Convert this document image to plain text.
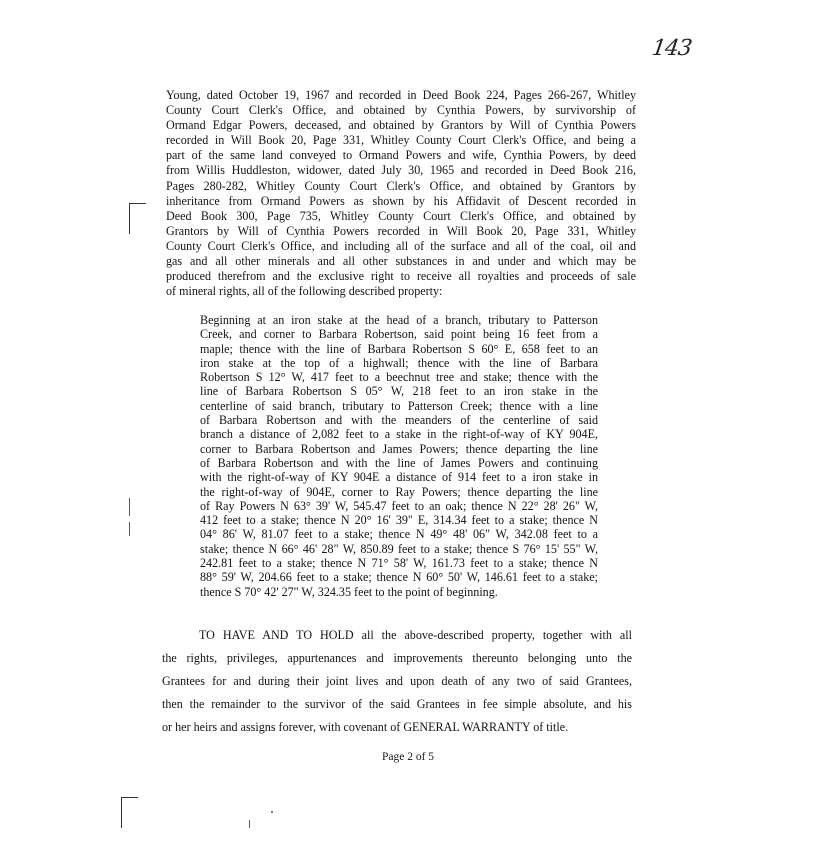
143
Young, dated October 19, 1967 and recorded in Deed Book 224, Pages 266-267, Whitley
County Court Clerk's Office, and obtained by Cynthia Powers, by survivorship of
Ormand Edgar Powers, deceased, and obtained by Grantors by Will of Cynthia Powers
recorded in Will Book 20, Page 331, Whitley County Court Clerk's Office, and being a
part of the same land conveyed to Ormand Powers and wife, Cynthia Powers, by deed
from Willis Huddleston, widower, dated July 30, 1965 and recorded in Deed Book 216,
Pages 280-282, Whitley County Court Clerk's Office, and obtained by Grantors by
inheritance from Ormand Powers as shown by his Affidavit of Descent recorded in
Deed Book 300, Page 735, Whitley County Court Clerk's Office, and obtained by
Grantors by Will of Cynthia Powers recorded in Will Book 20, Page 331, Whitley
County Court Clerk's Office, and including all of the surface and all of the coal, oil and
gas and all other minerals and all other substances in and under and which may be
produced therefrom and the exclusive right to receive all royalties and proceeds of sale
of mineral rights, all of the following described property:
Beginning at an iron stake at the head of a branch, tributary to Patterson
Creek, and corner to Barbara Robertson, said point being 16 feet from a
maple; thence with the line of Barbara Robertson S 60° E, 658 feet to an
iron stake at the top of a highwall; thence with the line of Barbara
Robertson S 12° W, 417 feet to a beechnut tree and stake; thence with the
line of Barbara Robertson S 05° W, 218 feet to an iron stake in the
centerline of said branch, tributary to Patterson Creek; thence with a line
of Barbara Robertson and with the meanders of the centerline of said
branch a distance of 2,082 feet to a stake in the right-of-way of KY 904E,
corner to Barbara Robertson and James Powers; thence departing the line
of Barbara Robertson and with the line of James Powers and continuing
with the right-of-way of KY 904E a distance of 914 feet to a iron stake in
the right-of-way of 904E, corner to Ray Powers; thence departing the line
of Ray Powers N 63° 39' W, 545.47 feet to an oak; thence N 22° 28' 26" W,
412 feet to a stake; thence N 20° 16' 39" E, 314.34 feet to a stake; thence N
04° 86' W, 81.07 feet to a stake; thence N 49° 48' 06" W, 342.08 feet to a
stake; thence N 66° 46' 28" W, 850.89 feet to a stake; thence S 76° 15' 55" W,
242.81 feet to a stake; thence N 71° 58' W, 161.73 feet to a stake; thence N
88° 59' W, 204.66 feet to a stake; thence N 60° 50' W, 146.61 feet to a stake;
thence S 70° 42' 27" W, 324.35 feet to the point of beginning.
TO HAVE AND TO HOLD all the above-described property, together with all
the rights, privileges, appurtenances and improvements thereunto belonging unto the
Grantees for and during their joint lives and upon death of any two of said Grantees,
then the remainder to the survivor of the said Grantees in fee simple absolute, and his
or her heirs and assigns forever, with covenant of GENERAL WARRANTY of title.
Page 2 of 5
